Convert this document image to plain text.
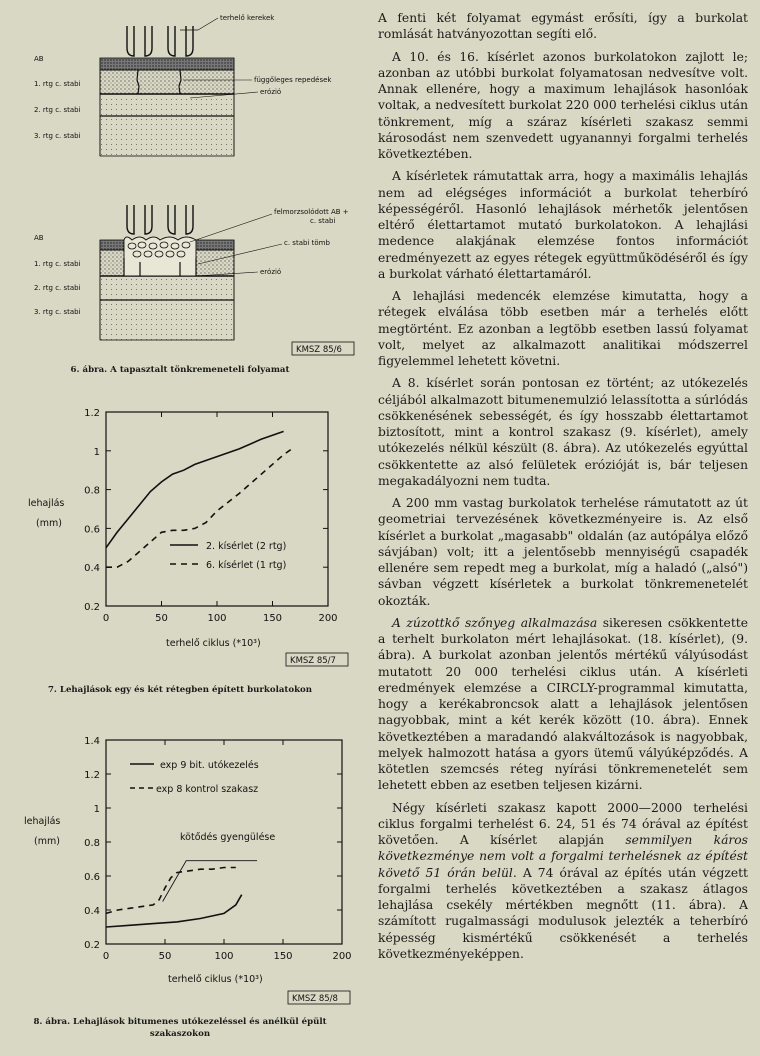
terhelő kerekek
AB
1. rtg c. stabi
2. rtg c. stabi
3. rtg c. stabi
függőleges repedések
erózió
felmorzsolódott AB +
c. stabi
c. stabi tömb
AB
1. rtg c. stabi
2. rtg c. stabi
3. rtg c. stabi
erózió
KMSZ 85/6
6. ábra. A tapasztalt tönkremeneteli folyamat
0	50	100	150	200
0.2
0.4
0.6
0.8
1
1.2
lehajlás
(mm)
terhelő ciklus (*10³)
2. kísérlet (2 rtg)
6. kísérlet (1 rtg)
KMSZ 85/7
7. Lehajlások egy és két rétegben épített burkolatokon
0	50	100	150	200
0.2
0.4
0.6
0.8
1
1.2
1.4
lehajlás
(mm)
terhelő ciklus (*10³)
exp 9 bit. utókezelés
exp 8 kontrol szakasz
kötődés gyengülése
KMSZ 85/8
8. ábra. Lehajlások bitumenes utókezeléssel és anélkül épült
szakaszokon

A fenti két folyamat egymást erősíti, így a burkolat romlását hatványozottan segíti elő.

A 10. és 16. kísérlet azonos burkolatokon zajlott le; azonban az utóbbi burkolat folyamatosan nedvesítve volt. Annak ellenére, hogy a maximum lehajlások hasonlóak voltak, a nedvesített burkolat 220 000 terhelési ciklus után tönkrement, míg a száraz kísérleti szakasz semmi károsodást nem szenvedett ugyanannyi forgalmi terhelés következtében.

A kísérletek rámutattak arra, hogy a maximális lehajlás nem ad elégséges információt a burkolat teherbíró képességéről. Hasonló lehajlások mérhetők jelentősen eltérő élettartamot mutató burkolatokon. A lehajlási medence alakjának elemzése fontos információt eredményezett az egyes rétegek együttműködéséről és így a burkolat várható élettartamáról.

A lehajlási medencék elemzése kimutatta, hogy a rétegek elválása több esetben már a terhelés előtt megtörtént. Ez azonban a legtöbb esetben lassú folyamat volt, melyet az alkalmazott analitikai módszerrel figyelemmel lehetett követni.

A 8. kísérlet során pontosan ez történt; az utókezelés céljából alkalmazott bitumenemulzió lelassította a súrlódás csökkenésének sebességét, és így hosszabb élettartamot biztosított, mint a kontrol szakasz (9. kísérlet), amely utókezelés nélkül készült (8. ábra). Az utókezelés egyúttal csökkentette az alsó felületek erózióját is, bár teljesen megakadályozni nem tudta.

A 200 mm vastag burkolatok terhelése rámutatott az út geometriai tervezésének következményeire is. Az első kísérlet a burkolat „magasabb" oldalán (az autópálya előző sávjában) volt; itt a jelentősebb mennyiségű csapadék ellenére sem repedt meg a burkolat, míg a haladó („alsó") sávban végzett kísérletek a burkolat tönkremenetelét okozták.

A zúzottkő szőnyeg alkalmazása sikeresen csökkentette a terhelt burkolaton mért lehajlásokat. (18. kísérlet), (9. ábra). A burkolat azonban jelentős mértékű vályúsodást mutatott 20 000 terhelési ciklus után. A kísérleti eredmények elemzése a CIRCLY-programmal kimutatta, hogy a kerékabroncsok alatt a lehajlások jelentősen nagyobbak, mint a két kerék között (10. ábra). Ennek következtében a maradandó alakváltozások is nagyobbak, melyek halmozott hatása a gyors ütemű vályúképződés. A kötetlen szemcsés réteg nyírási tönkremenetelét sem lehetett ebben az esetben teljesen kizárni.

Négy kísérleti szakasz kapott 2000—2000 terhelési ciklus forgalmi terhelést 6. 24, 51 és 74 órával az építést követően. A kísérlet alapján semmilyen káros következménye nem volt a forgalmi terhelésnek az építést követő 51 órán belül. A 74 órával az építés után végzett forgalmi terhelés következtében a szakasz átlagos lehajlása csekély mértékben megnőtt (11. ábra). A számított rugalmassági modulusok jelezték a teherbíró képesség kismértékű csökkenését a terhelés következményeképpen.
